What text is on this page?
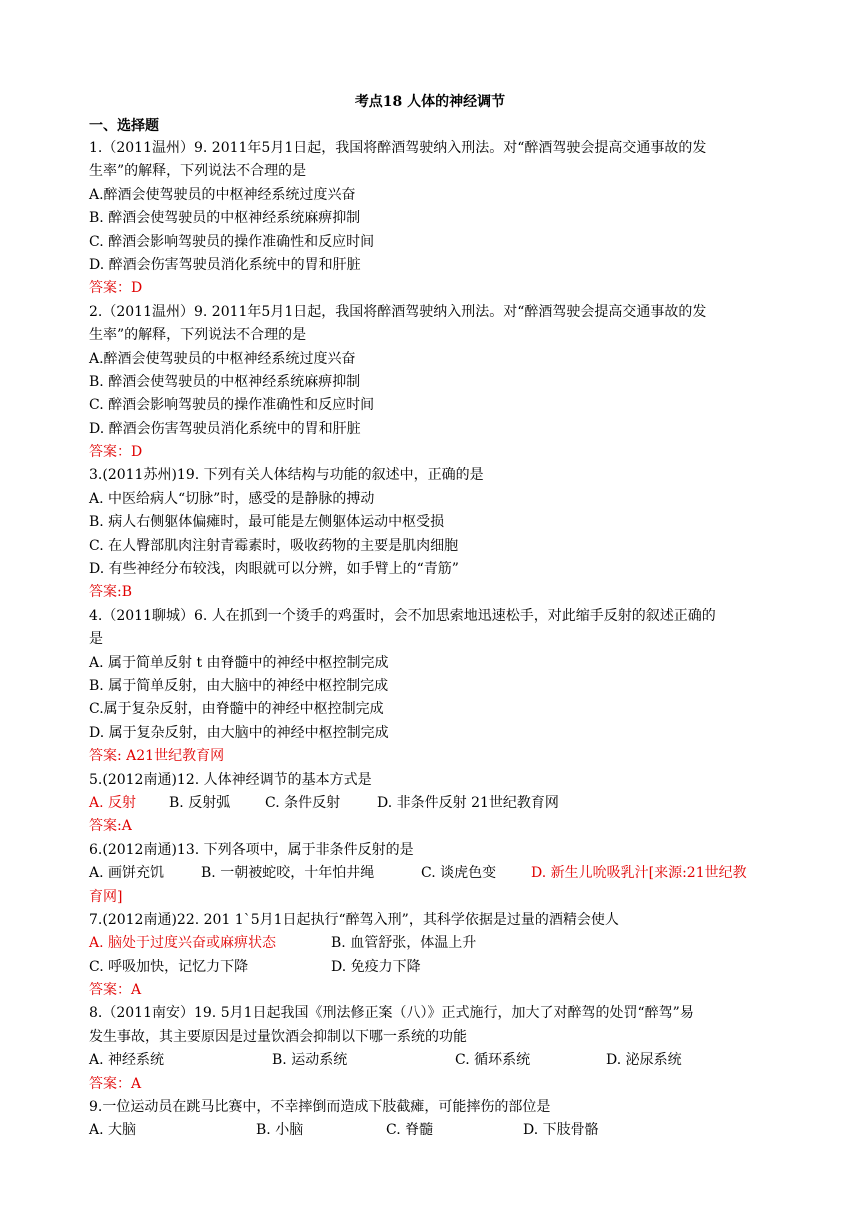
考点18 人体的神经调节
一、选择题
1.（2011温州）9. 2011年5月1日起，我国将醉酒驾驶纳入刑法。对“醉酒驾驶会提高交通事故的发
生率”的解释，下列说法不合理的是
A.醉酒会使驾驶员的中枢神经系统过度兴奋
B. 醉酒会使驾驶员的中枢神经系统麻痹抑制
C. 醉酒会影响驾驶员的操作准确性和反应时间
D. 醉酒会伤害驾驶员消化系统中的胃和肝脏
答案：D
2.（2011温州）9. 2011年5月1日起，我国将醉酒驾驶纳入刑法。对“醉酒驾驶会提高交通事故的发
生率”的解释，下列说法不合理的是
A.醉酒会使驾驶员的中枢神经系统过度兴奋
B. 醉酒会使驾驶员的中枢神经系统麻痹抑制
C. 醉酒会影响驾驶员的操作准确性和反应时间
D. 醉酒会伤害驾驶员消化系统中的胃和肝脏
答案：D
3.(2011苏州)19. 下列有关人体结构与功能的叙述中，正确的是
A. 中医给病人“切脉”时，感受的是静脉的搏动
B. 病人右侧躯体偏瘫时，最可能是左侧躯体运动中枢受损
C. 在人臀部肌肉注射青霉素时，吸收药物的主要是肌肉细胞
D. 有些神经分布较浅，肉眼就可以分辨，如手臂上的“青筋”
答案:B
4.（2011聊城）6. 人在抓到一个烫手的鸡蛋时，会不加思索地迅速松手，对此缩手反射的叙述正确的
是
A. 属于简单反射 t 由脊髓中的神经中枢控制完成
B. 属于简单反射，由大脑中的神经中枢控制完成
C.属于复杂反射，由脊髓中的神经中枢控制完成
D. 属于复杂反射，由大脑中的神经中枢控制完成
答案: A21世纪教育网
5.(2012南通)12. 人体神经调节的基本方式是
A. 反射	B. 反射弧	C. 条件反射	D. 非条件反射 21世纪教育网
答案:A
6.(2012南通)13. 下列各项中，属于非条件反射的是
A. 画饼充饥	B. 一朝被蛇咬，十年怕井绳	C. 谈虎色变	D. 新生儿吮吸乳汁[来源:21世纪教
育网]
7.(2012南通)22. 201 1`5月1日起执行“醉驾入刑”，其科学依据是过量的酒精会使人
A. 脑处于过度兴奋或麻痹状态	B. 血管舒张，体温上升
C. 呼吸加快，记忆力下降	D. 免疫力下降
答案：A
8.（2011南安）19. 5月1日起我国《刑法修正案（八）》正式施行，加大了对醉驾的处罚“醉驾”易
发生事故，其主要原因是过量饮酒会抑制以下哪一系统的功能
A. 神经系统	B. 运动系统	C. 循环系统	D. 泌尿系统
答案：A
9.一位运动员在跳马比赛中，不幸摔倒而造成下肢截瘫，可能摔伤的部位是
A. 大脑	B. 小脑	C. 脊髓	D. 下肢骨骼
